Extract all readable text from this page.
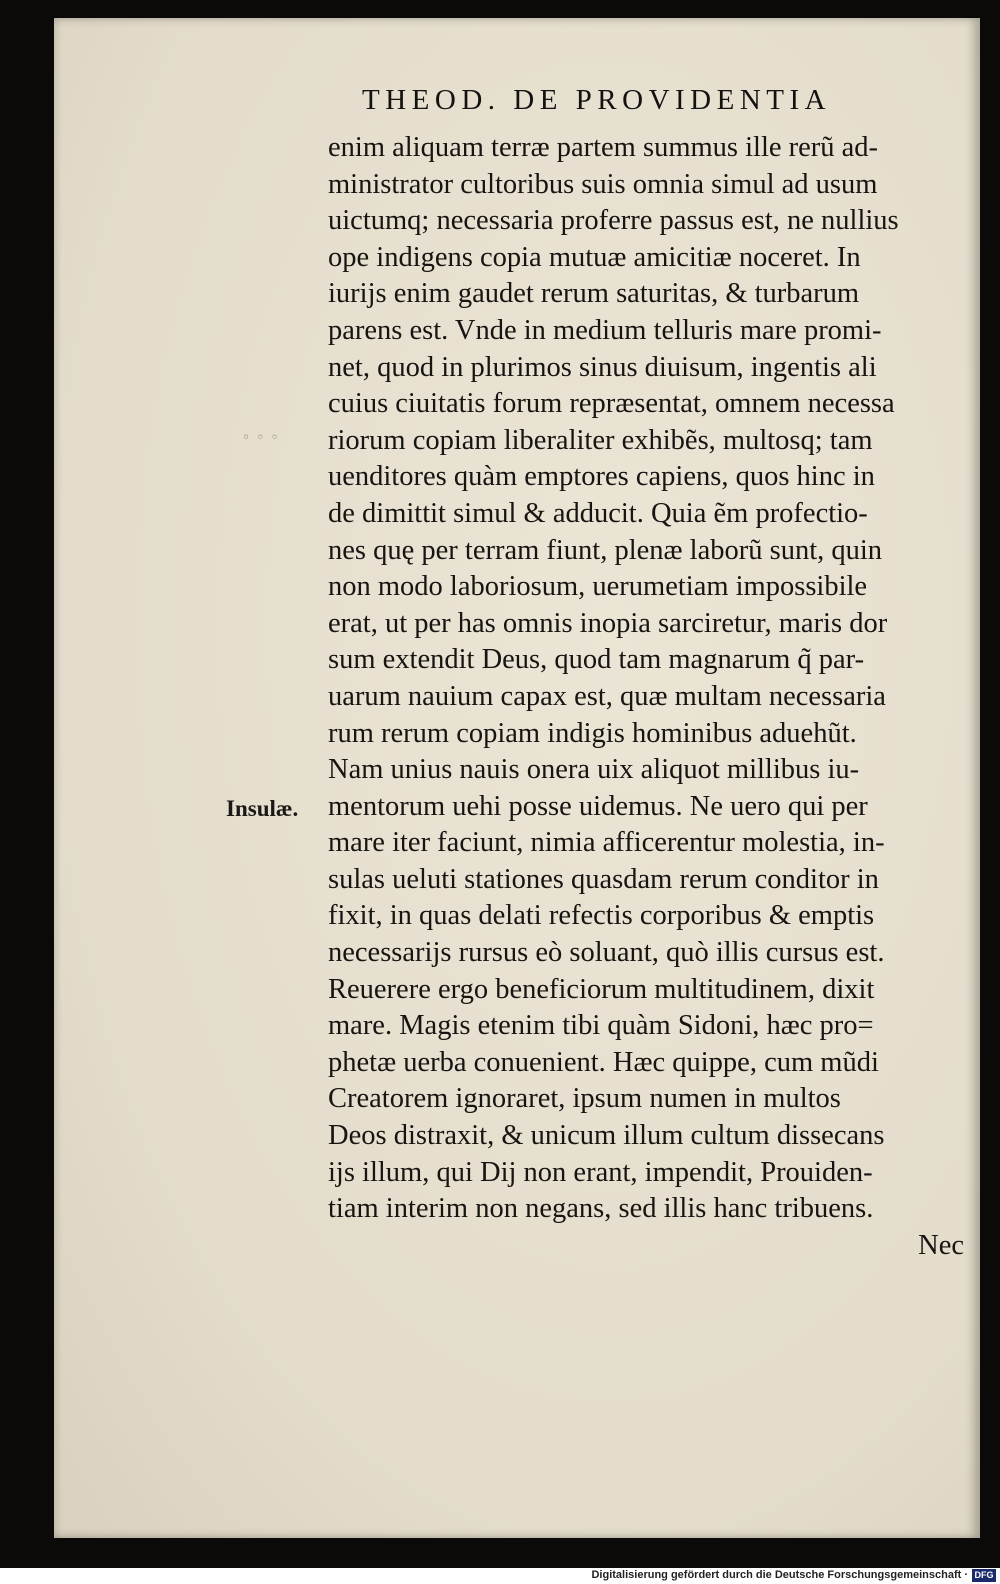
THEOD. DE PROVIDENTIA
◦◦◦
Insulæ.
enim aliquam terræ partem summus ille rerũ ad-
ministrator cultoribus suis omnia simul ad usum
uictumq; necessaria proferre passus est, ne nullius
ope indigens copia mutuæ amicitiæ noceret. In
iurijs enim gaudet rerum saturitas, & turbarum
parens est. Vnde in medium telluris mare promi-
net, quod in plurimos sinus diuisum, ingentis ali
cuius ciuitatis forum repræsentat, omnem necessa
riorum copiam liberaliter exhibẽs, multosq; tam
uenditores quàm emptores capiens, quos hinc in
de dimittit simul & adducit. Quia ẽm profectio-
nes quę per terram fiunt, plenæ laborũ sunt, quin
non modo laboriosum, uerumetiam impossibile
erat, ut per has omnis inopia sarciretur, maris dor
sum extendit Deus, quod tam magnarum q̃ par-
uarum nauium capax est, quæ multam necessaria
rum rerum copiam indigis hominibus aduehũt.
Nam unius nauis onera uix aliquot millibus iu-
mentorum uehi posse uidemus. Ne uero qui per
mare iter faciunt, nimia afficerentur molestia, in-
sulas ueluti stationes quasdam rerum conditor in
fixit, in quas delati refectis corporibus & emptis
necessarijs rursus eò soluant, quò illis cursus est.
Reuerere ergo beneficiorum multitudinem, dixit
mare. Magis etenim tibi quàm Sidoni, hæc pro=
phetæ uerba conuenient. Hæc quippe, cum mũdi
Creatorem ignoraret, ipsum numen in multos
Deos distraxit, & unicum illum cultum dissecans
ijs illum, qui Dij non erant, impendit, Prouiden-
tiam interim non negans, sed illis hanc tribuens.
Nec
Digitalisierung gefördert durch die Deutsche Forschungsgemeinschaft · DFG
